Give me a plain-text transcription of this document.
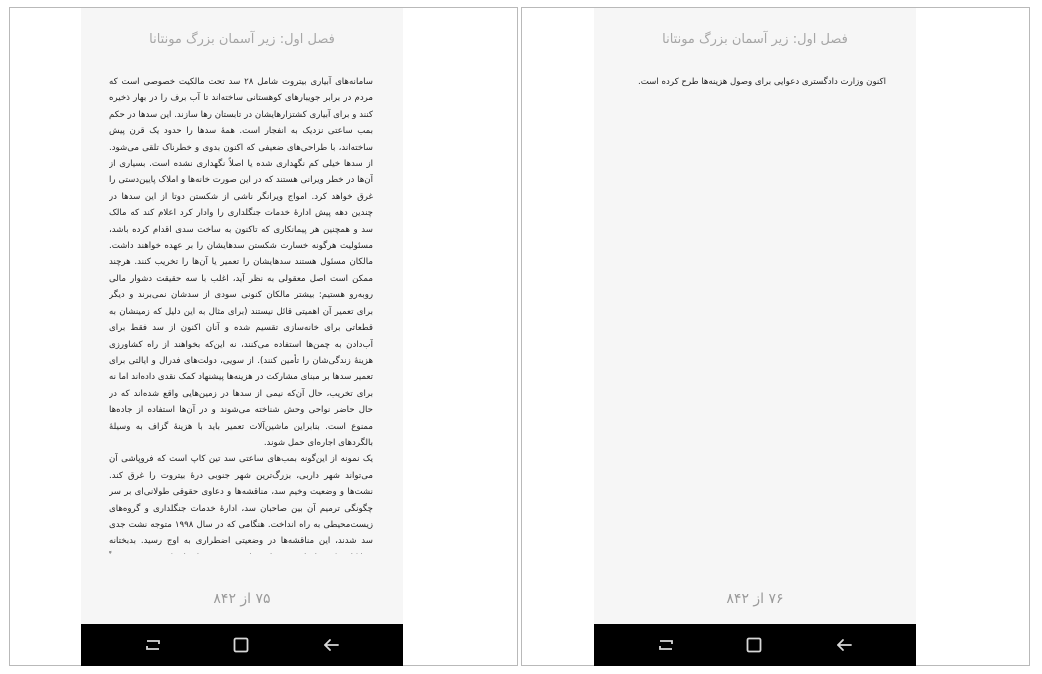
فصل اول: زیر آسمان بزرگ مونتانا

سامانه‌های آبیاری بیتروت شامل ۲۸ سد تحت مالکیت خصوصی است که مردم در برابر جویبارهای کوهستانی ساخته‌اند تا آب برف را در بهار ذخیره کنند و برای آبیاری کشتزارهایشان در تابستان رها سازند. این سدها در حکم بمب ساعتی نزدیک به انفجار است. همهٔ سدها را حدود یک قرن پیش ساخته‌اند، با طراحی‌های ضعیفی که اکنون بدوی و خطرناک تلقی می‌شود. از سدها خیلی کم نگهداری شده یا اصلاً نگهداری نشده است. بسیاری از آن‌ها در خطر ویرانی هستند که در این صورت خانه‌ها و املاک پایین‌دستی را غرق خواهد کرد. امواج ویرانگر ناشی از شکستن دوتا از این سدها در چندین دهه پیش ادارهٔ خدمات جنگلداری را وادار کرد اعلام کند که مالک سد و همچنین هر پیمانکاری که تاکنون به ساخت سدی اقدام کرده باشد، مسئولیت هرگونه خسارت شکستن سدهایشان را بر عهده خواهند داشت. مالکان مسئول هستند سدهایشان را تعمیر یا آن‌ها را تخریب کنند. هرچند ممکن است اصل معقولی به نظر آید، اغلب با سه حقیقت دشوار مالی روبه‌رو هستیم: بیشتر مالکان کنونی سودی از سدشان نمی‌برند و دیگر برای تعمیر آن اهمیتی قائل نیستند (برای مثال به این دلیل که زمینشان به قطعاتی برای خانه‌سازی تقسیم شده و آنان اکنون از سد فقط برای آب‌دادن به چمن‌ها استفاده می‌کنند، نه این‌که بخواهند از راه کشاورزی هزینهٔ زندگی‌شان را تأمین کنند). از سویی، دولت‌های فدرال و ایالتی برای تعمیر سدها بر مبنای مشارکت در هزینه‌ها پیشنهاد کمک نقدی داده‌اند اما نه برای تخریب، حال آن‌که نیمی از سدها در زمین‌هایی واقع شده‌اند که در حال حاضر نواحی وحش شناخته می‌شوند و در آن‌ها استفاده از جاده‌ها ممنوع است. بنابراین ماشین‌آلات تعمیر باید با هزینهٔ گزاف به وسیلهٔ بالگردهای اجاره‌ای حمل شوند.

یک نمونه از این‌گونه بمب‌های ساعتی سد تین کاپ است که فروپاشی آن می‌تواند شهر داربی، بزرگ‌ترین شهر جنوبی درهٔ بیتروت را غرق کند. نشت‌ها و وضعیت وخیم سد، مناقشه‌ها و دعاوی حقوقی طولانی‌ای بر سر چگونگی ترمیم آن بین صاحبان سد، ادارهٔ خدمات جنگلداری و گروه‌های زیست‌محیطی به راه انداخت. هنگامی که در سال ۱۹۹۸ متوجه نشت جدی سد شدند، این مناقشه‌ها در وضعیتی اضطراری به اوج رسید. بدبختانه

۷۵ از ۸۴۲
فصل اول: زیر آسمان بزرگ مونتانا

اکنون وزارت دادگستری دعوایی برای وصول هزینه‌ها طرح کرده است.

۷۶ از ۸۴۲
